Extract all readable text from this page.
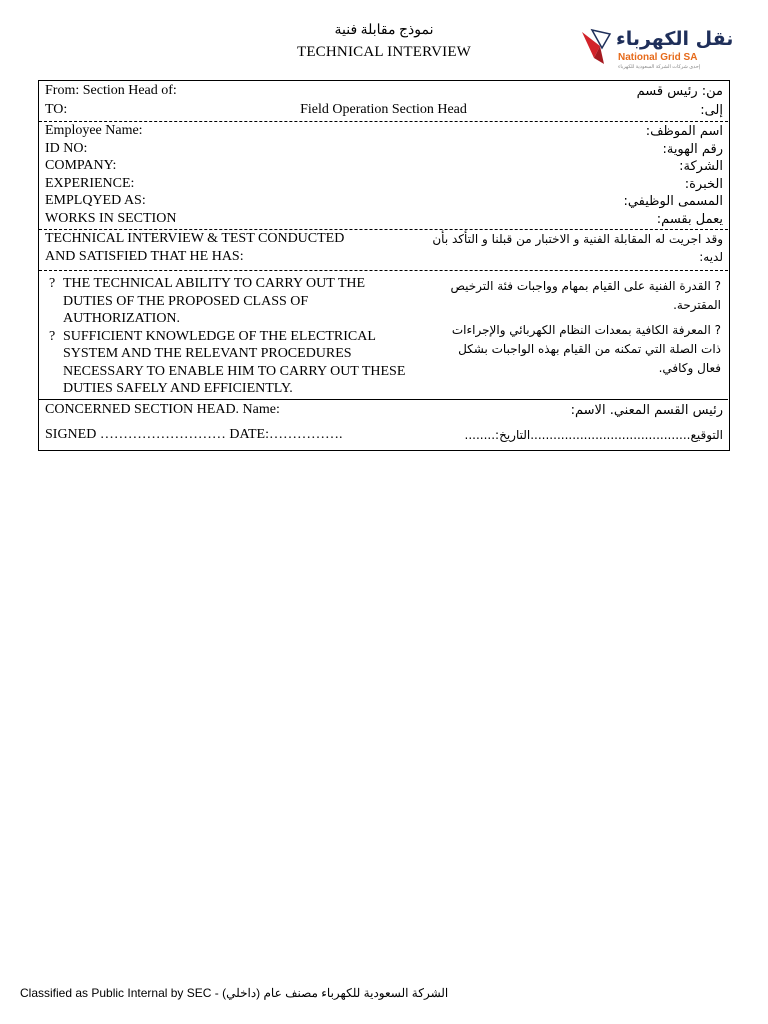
نموذج مقابلة فنية
TECHNICAL INTERVIEW
نقل الكهرباء
National Grid SA
إحدى شركات الشركة السعودية للكهرباء
From: Section Head of:	من: رئيس قسم
TO:	Field Operation Section Head	إلى:
Employee Name:	اسم الموظف:
ID NO:	رقم الهوية:
COMPANY:	الشركة:
EXPERIENCE:	الخبرة:
EMPLQYED AS:	المسمى الوظيفي:
WORKS IN SECTION	يعمل بقسم:
TECHNICAL INTERVIEW & TEST CONDUCTED
AND SATISFIED THAT HE HAS:
وقد اجريت له المقابلة الفنية و الاختبار من قبلنا و التأكد بأن
لديه:
? THE TECHNICAL ABILITY TO CARRY OUT THE DUTIES OF THE PROPOSED CLASS OF AUTHORIZATION.
? SUFFICIENT KNOWLEDGE OF THE ELECTRICAL SYSTEM AND THE RELEVANT PROCEDURES NECESSARY TO ENABLE HIM TO CARRY OUT THESE DUTIES SAFELY AND EFFICIENTLY.
? القدرة الفنية على القيام بمهام وواجبات فئة الترخيص المقترحة.
? المعرفة الكافية بمعدات النظام الكهربائي والإجراءات ذات الصلة التي تمكنه من القيام بهذه الواجبات بشكل فعال وكافي.
CONCERNED SECTION HEAD. Name:	رئيس القسم المعني. الاسم:
SIGNED ……………………… DATE:…………….	التوقيع..........................................التاريخ:........
Classified as Public Internal by SEC - (الشركة السعودية للكهرباء مصنف عام (داخلي
